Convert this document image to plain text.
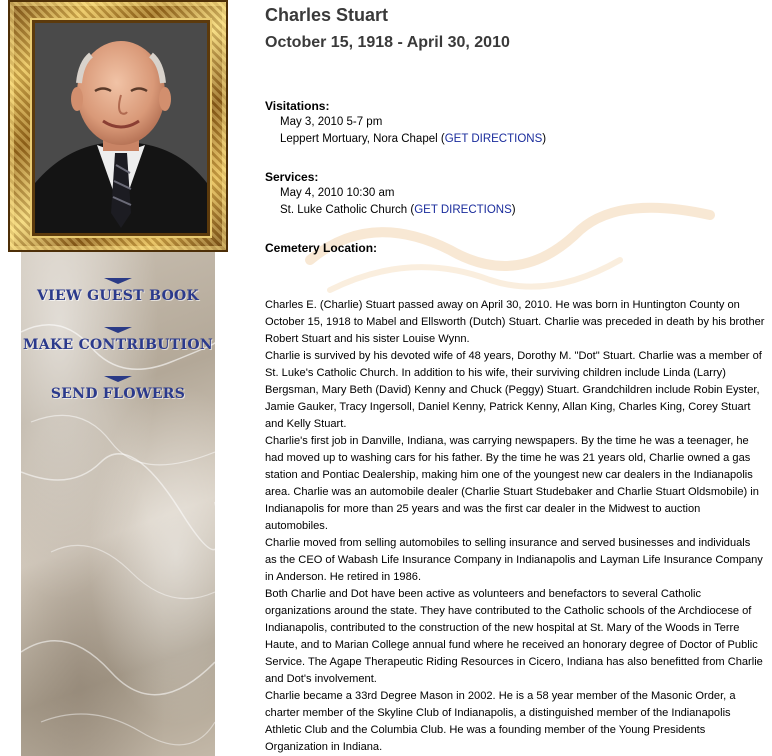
VIEW GUEST BOOK
MAKE CONTRIBUTION
SEND FLOWERS
Charles Stuart
October 15, 1918 - April 30, 2010
Visitations:
May 3, 2010 5-7 pm
Leppert Mortuary, Nora Chapel (GET DIRECTIONS)
Services:
May 4, 2010 10:30 am
St. Luke Catholic Church (GET DIRECTIONS)
Cemetery Location:

Charles E. (Charlie) Stuart passed away on April 30, 2010. He was born in Huntington County on October 15, 1918 to Mabel and Ellsworth (Dutch) Stuart. Charlie was preceded in death by his brother Robert Stuart and his sister Louise Wynn.

Charlie is survived by his devoted wife of 48 years, Dorothy M. "Dot" Stuart. Charlie was a member of St. Luke's Catholic Church. In addition to his wife, their surviving children include Linda (Larry) Bergsman, Mary Beth (David) Kenny and Chuck (Peggy) Stuart. Grandchildren include Robin Eyster, Jamie Gauker, Tracy Ingersoll, Daniel Kenny, Patrick Kenny, Allan King, Charles King, Corey Stuart and Kelly Stuart.

Charlie's first job in Danville, Indiana, was carrying newspapers. By the time he was a teenager, he had moved up to washing cars for his father. By the time he was 21 years old, Charlie owned a gas station and Pontiac Dealership, making him one of the youngest new car dealers in the Indianapolis area. Charlie was an automobile dealer (Charlie Stuart Studebaker and Charlie Stuart Oldsmobile) in Indianapolis for more than 25 years and was the first car dealer in the Midwest to auction automobiles.

Charlie moved from selling automobiles to selling insurance and served businesses and individuals as the CEO of Wabash Life Insurance Company in Indianapolis and Layman Life Insurance Company in Anderson. He retired in 1986.

Both Charlie and Dot have been active as volunteers and benefactors to several Catholic organizations around the state. They have contributed to the Catholic schools of the Archdiocese of Indianapolis, contributed to the construction of the new hospital at St. Mary of the Woods in Terre Haute, and to Marian College annual fund where he received an honorary degree of Doctor of Public Service. The Agape Therapeutic Riding Resources in Cicero, Indiana has also benefitted from Charlie and Dot's involvement.

Charlie became a 33rd Degree Mason in 2002. He is a 58 year member of the Masonic Order, a charter member of the Skyline Club of Indianapolis, a distinguished member of the Indianapolis Athletic Club and the Columbia Club. He was a founding member of the Young Presidents Organization in Indiana.
